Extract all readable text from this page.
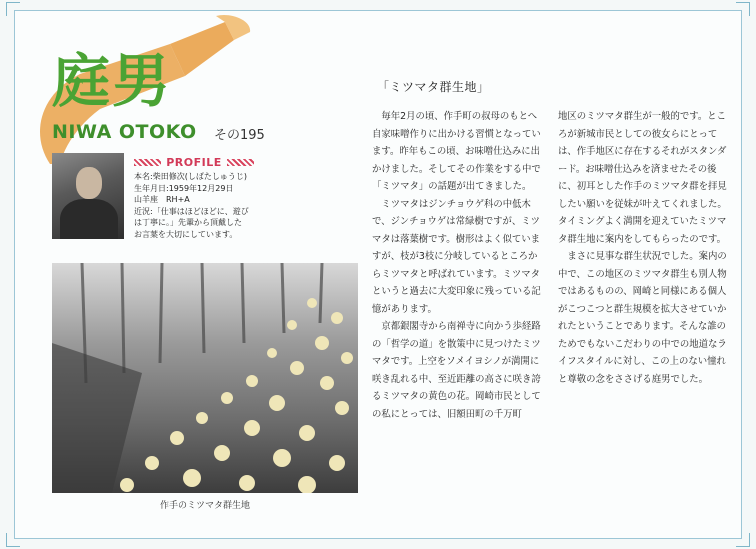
庭男
NIWA OTOKO その195
PROFILE
本名:柴田修次(しばたしゅうじ)
生年月日:1959年12月29日
山羊座　RH+A
近況:「仕事はほどほどに、遊び
は丁寧に。」先輩から頂戴した
お言葉を大切にしています。
作手のミツマタ群生地
「ミツマタ群生地」

毎年2月の頃、作手町の叔母のもとへ自家味噌作りに出かける習慣となっています。昨年もこの頃、お味噌仕込みに出かけました。そしてその作業をする中で「ミツマタ」の話題が出てきました。

ミツマタはジンチョウゲ科の中低木で、ジンチョウゲは常緑樹ですが、ミツマタは落葉樹です。樹形はよく似ていますが、枝が3枝に分岐しているところからミツマタと呼ばれています。ミツマタというと過去に大変印象に残っている記憶があります。

京都銀閣寺から南禅寺に向かう歩経路の「哲学の道」を散策中に見つけたミツマタです。上空をソメイヨシノが満開に咲き乱れる中、至近距離の高さに咲き誇るミツマタの黄色の花。岡崎市民としての私にとっては、旧額田町の千万町

地区のミツマタ群生が一般的です。ところが新城市民としての彼女らにとっては、作手地区に存在するそれがスタンダード。お味噌仕込みを済ませたその後に、初耳とした作手のミツマタ群を拝見したい願いを従妹が叶えてくれました。タイミングよく満開を迎えていたミツマタ群生地に案内をしてもらったのです。

まさに見事な群生状況でした。案内の中で、この地区のミツマタ群生も別人物ではあるものの、岡崎と同様にある個人がこつこつと群生規模を拡大させていかれたということであります。そんな誰のためでもないこだわりの中での地道なライフスタイルに対し、この上のない憧れと尊敬の念をささげる庭男でした。
